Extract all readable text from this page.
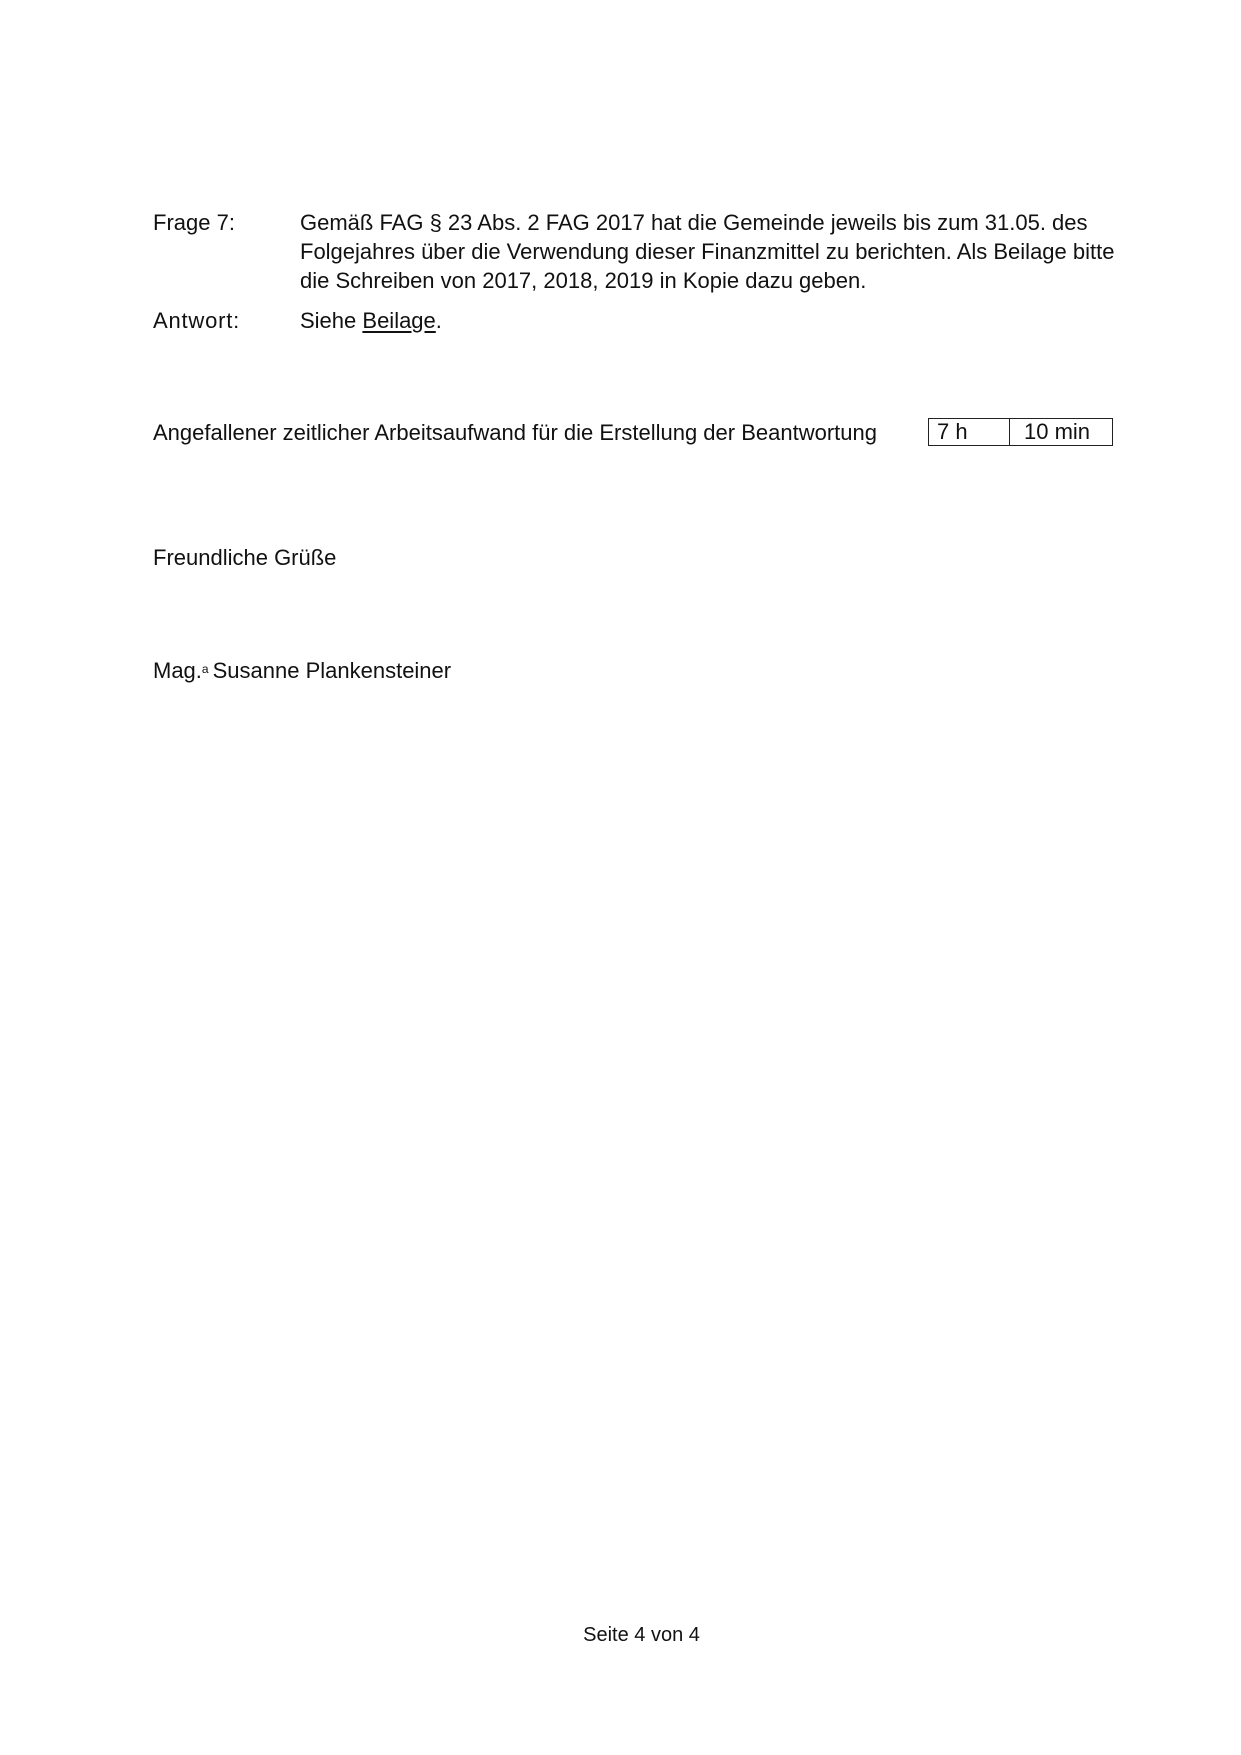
Frage 7:	Gemäß FAG § 23 Abs. 2 FAG 2017 hat die Gemeinde jeweils bis zum 31.05. des Folgejahres über die Verwendung dieser Finanzmittel zu berichten. Als Beilage bitte die Schreiben von 2017, 2018, 2019 in Kopie dazu geben.
Antwort:	Siehe Beilage.
Angefallener zeitlicher Arbeitsaufwand für die Erstellung der Beantwortung	7 h	10 min
Freundliche Grüße
Mag.$^a$ Susanne Plankensteiner
Seite 4 von 4
